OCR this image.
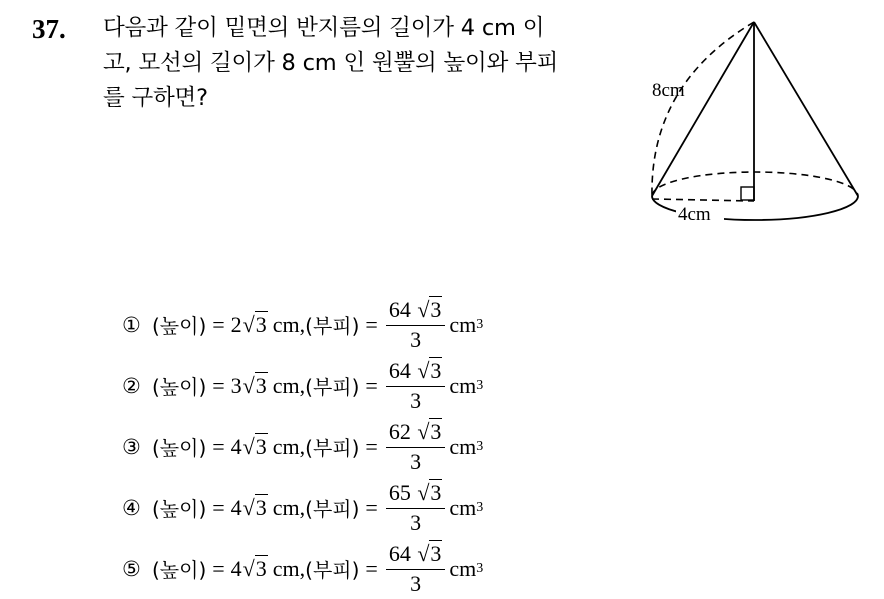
37. 다음과 같이 밑면의 반지름의 길이가 4 cm 이
고, 모선의 길이가 8 cm 인 원뿔의 높이와 부피
를 구하면?	8cm
4cm
① (높이) = 2 √3 cm, (부피) = $\frac{64 √3}{3}$ cm 3
② (높이) = 3 √3 cm, (부피) = $\frac{64 √3}{3}$ cm 3
③ (높이) = 4 √3 cm, (부피) = $\frac{62 √3}{3}$ cm 3
④ (높이) = 4 √3 cm, (부피) = $\frac{65 √3}{3}$ cm 3
⑤ (높이) = 4 √3 cm, (부피) = $\frac{64 √3}{3}$ cm 3
